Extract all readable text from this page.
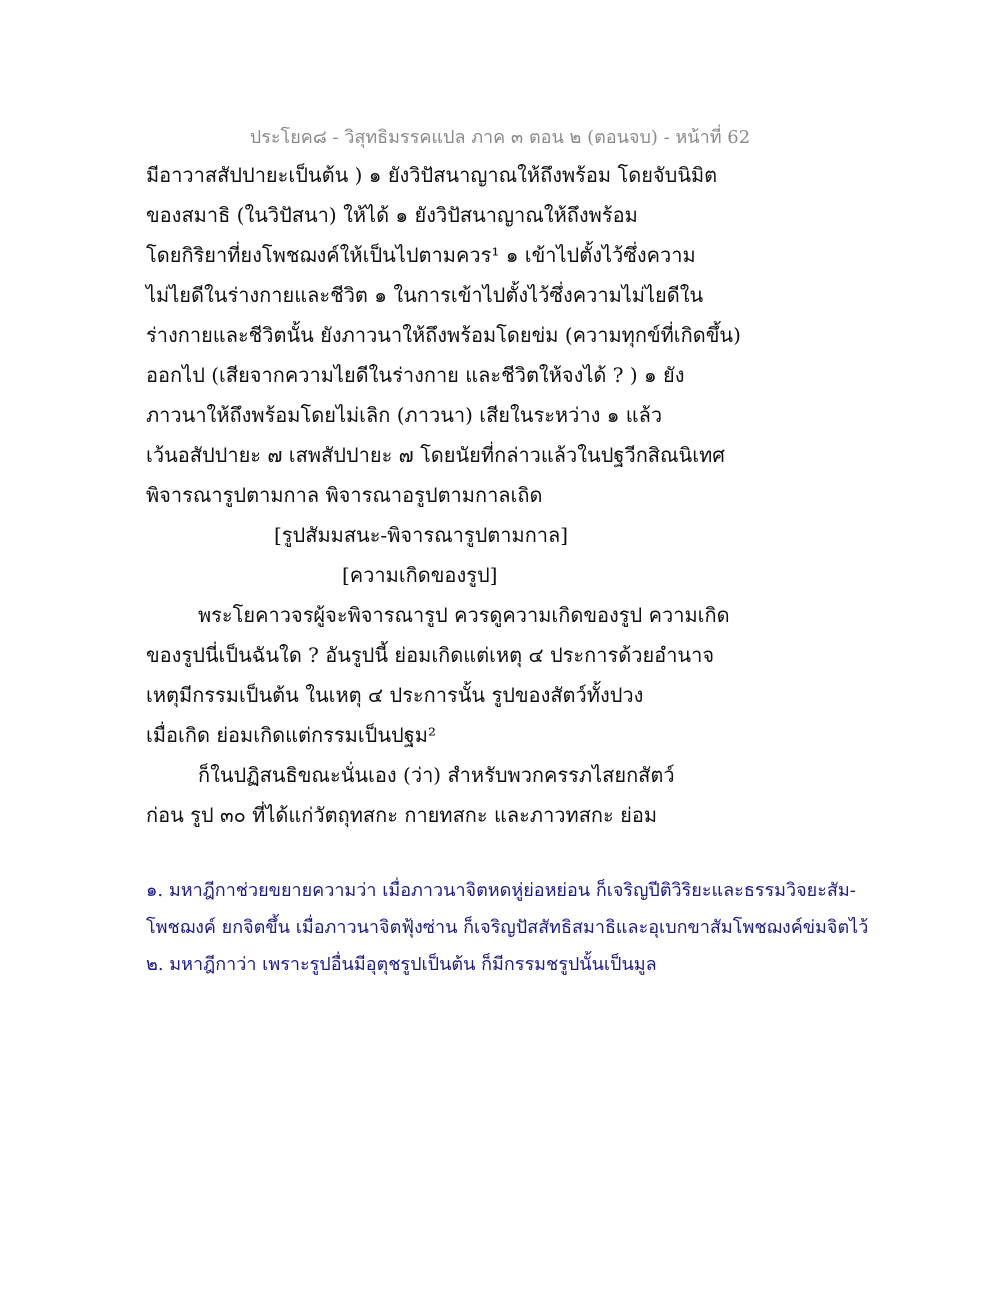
ประโยค๘ - วิสุทธิมรรคแปล ภาค ๓ ตอน ๒ (ตอนจบ) - หน้าที่ 62
มีอาวาสสัปปายะเป็นต้น ) ๑ ยังวิปัสนาญาณให้ถึงพร้อม โดยจับนิมิต
ของสมาธิ (ในวิปัสนา) ให้ได้ ๑ ยังวิปัสนาญาณให้ถึงพร้อม
โดยกิริยาที่ยงโพชฌงค์ให้เป็นไปตามควร¹ ๑ เข้าไปตั้งไว้ซึ่งความ
ไม่ไยดีในร่างกายและชีวิต ๑ ในการเข้าไปตั้งไว้ซึ่งความไม่ไยดีใน
ร่างกายและชีวิตนั้น ยังภาวนาให้ถึงพร้อมโดยข่ม (ความทุกข์ที่เกิดขึ้น)
ออกไป (เสียจากความไยดีในร่างกาย และชีวิตให้จงได้ ? ) ๑ ยัง
ภาวนาให้ถึงพร้อมโดยไม่เลิก (ภาวนา) เสียในระหว่าง ๑ แล้ว
เว้นอสัปปายะ ๗ เสพสัปปายะ ๗ โดยนัยที่กล่าวแล้วในปฐวีกสิณนิเทศ
พิจารณารูปตามกาล พิจารณาอรูปตามกาลเถิด
[รูปสัมมสนะ-พิจารณารูปตามกาล]
[ความเกิดของรูป]
พระโยคาวจรผู้จะพิจารณารูป ควรดูความเกิดของรูป ความเกิด
ของรูปนี่เป็นฉันใด ? อันรูปนี้ ย่อมเกิดแต่เหตุ ๔ ประการด้วยอำนาจ
เหตุมีกรรมเป็นต้น ในเหตุ ๔ ประการนั้น รูปของสัตว์ทั้งปวง
เมื่อเกิด ย่อมเกิดแต่กรรมเป็นปฐม²
ก็ในปฏิสนธิขณะนั่นเอง (ว่า) สำหรับพวกครรภไสยกสัตว์
ก่อน รูป ๓๐ ที่ได้แก่วัตถุทสกะ กายทสกะ และภาวทสกะ ย่อม
๑. มหาฎีกาช่วยขยายความว่า เมื่อภาวนาจิตหดหู่ย่อหย่อน ก็เจริญปีติวิริยะและธรรมวิจยะสัม-
โพชฌงค์ ยกจิตขึ้น เมื่อภาวนาจิตฟุ้งซ่าน ก็เจริญปัสสัทธิสมาธิและอุเบกขาสัมโพชฌงค์ข่มจิตไว้
๒. มหาฎีกาว่า เพราะรูปอื่นมีอุตุชรูปเป็นต้น ก็มีกรรมชรูปนั้นเป็นมูล
